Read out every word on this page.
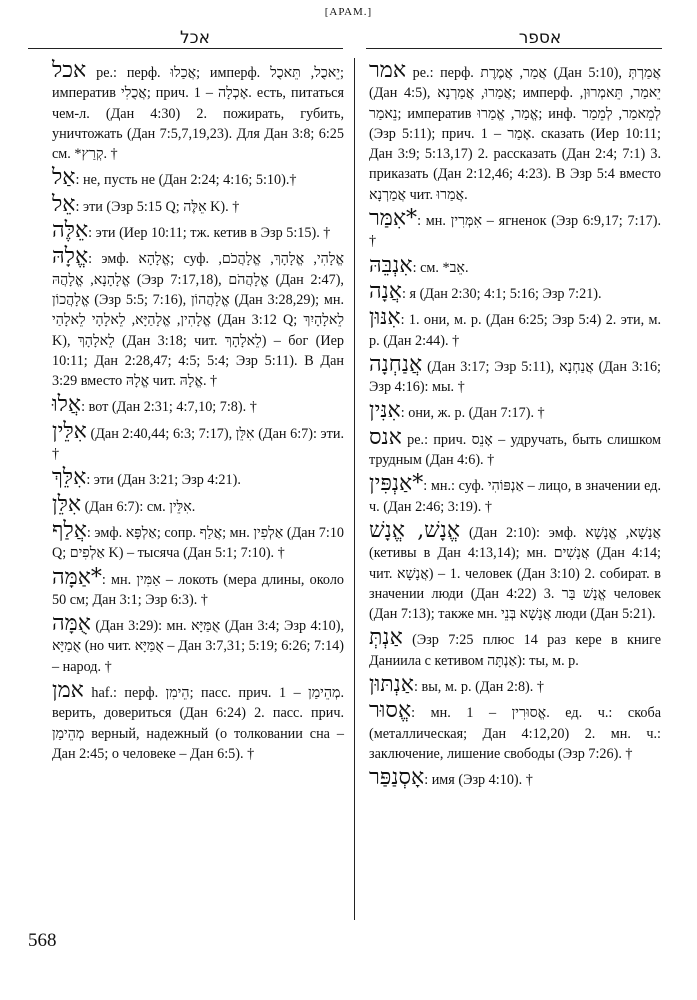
[АРАМ.]
אכל	אספר

אכל ре.: перф. אֲכַלוּ; имперф. יֵאכֻל, תֵּאכֻל; императив אֲכֻלִי; прич. אָכְלָה – 1. есть, питаться чем-л. (Дан 4:30) 2. пожирать, губить, уничтожать (Дан 7:5,7,19,23). Для Дан 3:8; 6:25 см. *קְרַץ. †

אַל: не, пусть не (Дан 2:24; 4:16; 5:10).†

אֵל: эти (Эзр 5:15 Q; אֵלֶּה K). †

אֵלֶּה: эти (Иер 10:11; тж. кетив в Эзр 5:15). †

אֱלָהּ: эмф. אֱלָהָא; суф. אֱלָהִי, אֱלָהָךְ, אֱלָהֲכֹם, אֱלָהָנָא, אֱלָהֲהּ (Эзр 7:17,18), אֱלָהֲהֹם (Дан 2:47), אֱלָהֲכוֹן (Эзр 5:5; 7:16), אֱלָהֲהוֹן (Дан 3:28,29); мн. אֱלָהִין, אֱלָהַיָּא, לֵאלָהָי לֵאלָהַי (Дан 3:12 Q; לֵאלָהָיִךְ K), לֵאלָהָךְ (Дан 3:18; чит. לֵאלָהָךְ) – бог (Иер 10:11; Дан 2:28,47; 4:5; 5:4; Эзр 5:11). В Дан 3:29 вместо אֱלָהּ чит. אֱלָהּ. †

אֲלוּ: вот (Дан 2:31; 4:7,10; 7:8). †

אִלֵּין (Дан 2:40,44; 6:3; 7:17), אִלֵּן (Дан 6:7): эти. †

אִלֵּךְ: эти (Дан 3:21; Эзр 4:21).

אִלֵּן (Дан 6:7): см. אִלֵּין.

אֲלַף: эмф. אַלְפָּא; сопр. אֲלַף; мн. אַלְפִין (Дан 7:10 Q; אַלְפִים K) – тысяча (Дан 5:1; 7:10). †

*אַמָּה: мн. אַמִּין – локоть (мера длины, около 50 см; Дан 3:1; Эзр 6:3). †

אֻמָּה (Дан 3:29): мн. אֻמַּיָּא (Дан 3:4; Эзр 4:10), אֻמַיָּא (но чит. אֻמַּיָּא – Дан 3:7,31; 5:19; 6:26; 7:14) – народ. †

אמן haf.: перф. הֵימִן; пасс. прич. מְהֵימַן – 1. верить, довериться (Дан 6:24) 2. пасс. прич. מְהֵימַן верный, надежный (о толковании сна – Дан 2:45; о человеке – Дан 6:5). †

אמר ре.: перф. אֲמַר, אֲמֶרֶת (Дан 5:10), אֲמַרְתְּ (Дан 4:5), אֲמַרוּ, אֲמַרְנָא; имперф. יֵאמַר, תֵּאמְרוּן, נֵאמַר; императив אֱמַר, אֱמַרוּ; инф. לְמֵאמַר, לְמֵמַר (Эзр 5:11); прич. אָמַר – 1. сказать (Иер 10:11; Дан 3:9; 5:13,17) 2. рассказать (Дан 2:4; 7:1) 3. приказать (Дан 2:12,46; 4:23). В Эзр 5:4 вместо אֲמַרְנָא чит. אֲמַרוּ.

*אִמַּר: мн. אִמְּרִין – ягненок (Эзр 6:9,17; 7:17). †

אִנְבֵּהּ: см. *אֵב.

אֲנָה: я (Дан 2:30; 4:1; 5:16; Эзр 7:21).

אִנּוּן: 1. они, м. р. (Дан 6:25; Эзр 5:4) 2. эти, м. р. (Дан 2:44). †

אֲנַחְנָה (Дан 3:17; Эзр 5:11), אֲנַחְנָא (Дан 3:16; Эзр 4:16): мы. †

אִנִּין: они, ж. р. (Дан 7:17). †

אנס ре.: прич. אָנֵס – удручать, быть слишком трудным (Дан 4:6). †

*אַנְפִּין: мн.: суф. אַנְפּוֹהִי – лицо, в значении ед. ч. (Дан 2:46; 3:19). †

אֱנָשׁ, אֱנָשׁ (Дан 2:10): эмф. אֲנָשָׁא, אֱנָשָׁא (кетивы в Дан 4:13,14); мн. אֲנָשִׁים (Дан 4:14; чит. אֲנָשָׁא) – 1. человек (Дан 3:10) 2. собират. в значении люди (Дан 4:22) 3. אֱנָשׁ בַּר человек (Дан 7:13); также мн. אֲנָשָׁא בְּנֵי люди (Дан 5:21).

אַנְתְּ (Эзр 7:25 плюс 14 раз кере в книге Даниила с кетивом אַנְתָּה): ты, м. р.

אַנְתּוּן: вы, м. р. (Дан 2:8). †

אֱסוּר: мн. אֱסוּרִין – 1. ед. ч.: скоба (металлическая; Дан 4:12,20) 2. мн. ч.: заключение, лишение свободы (Эзр 7:26). †

אָסְנַפַּר: имя (Эзр 4:10). †

568
